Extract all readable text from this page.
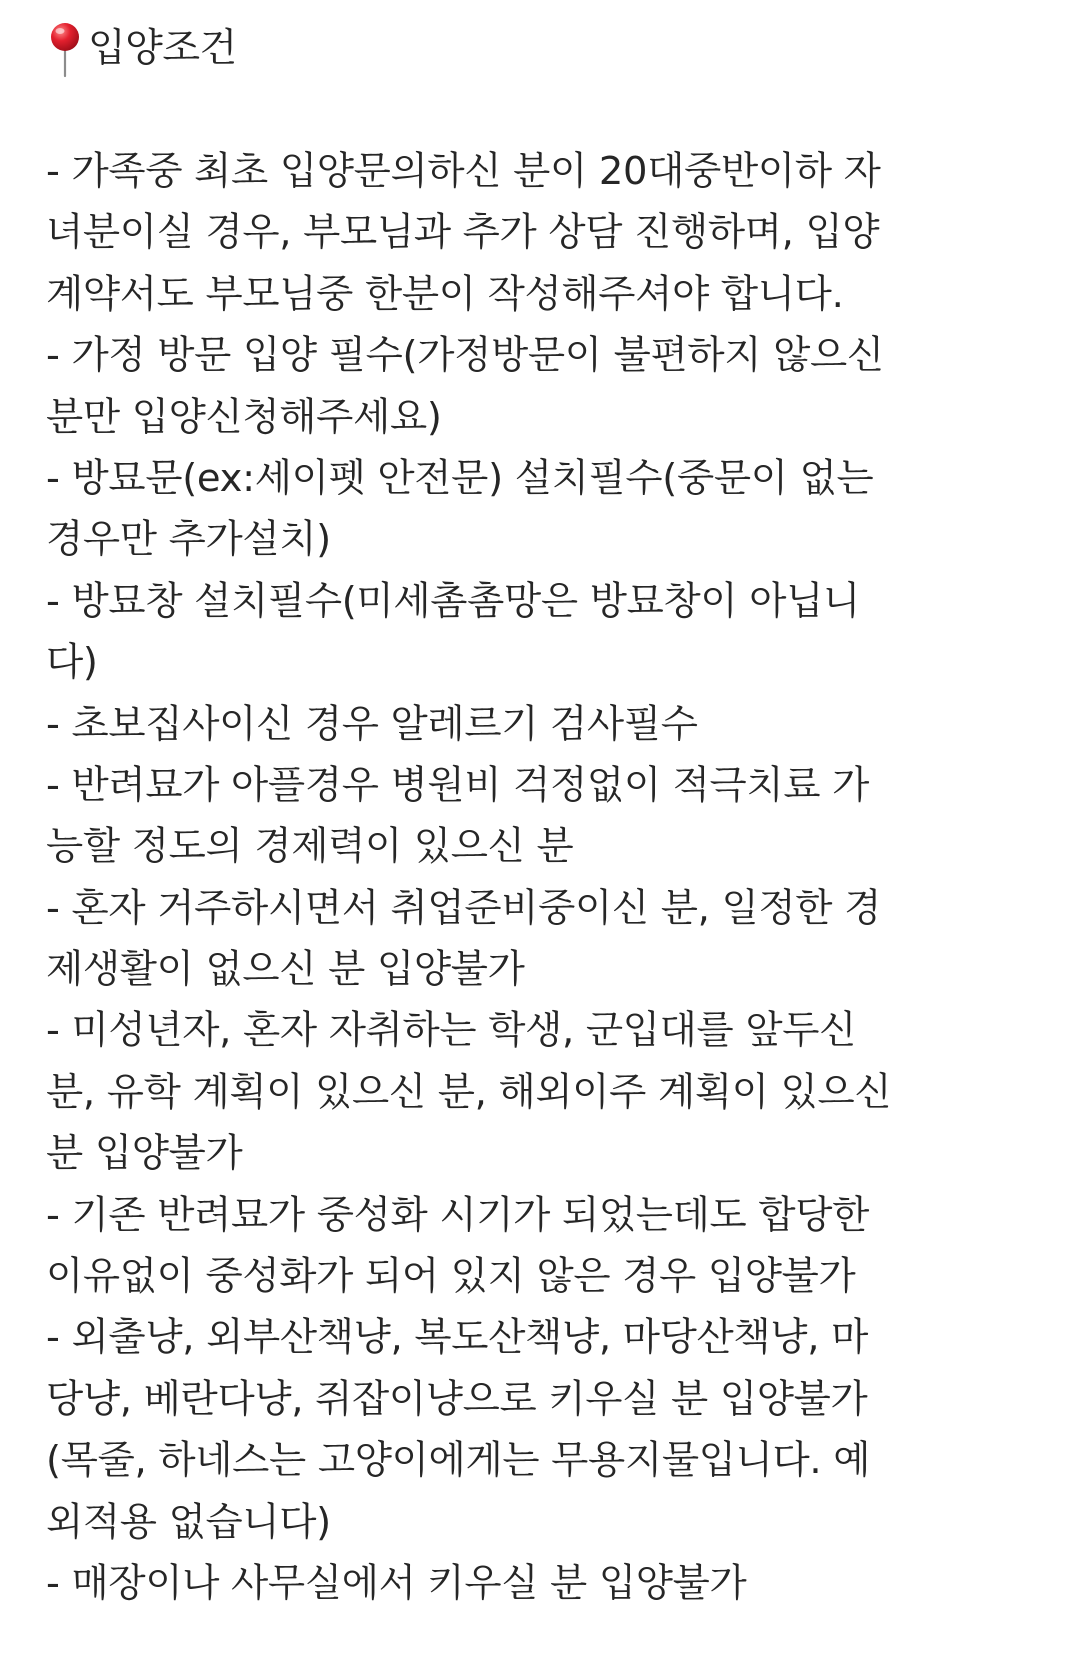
입양조건
- 가족중 최초 입양문의하신 분이 20대중반이하 자
녀분이실 경우, 부모님과 추가 상담 진행하며, 입양
계약서도 부모님중 한분이 작성해주셔야 합니다.
- 가정 방문 입양 필수(가정방문이 불편하지 않으신
분만 입양신청해주세요)
- 방묘문(ex:세이펫 안전문) 설치필수(중문이 없는
경우만 추가설치)
- 방묘창 설치필수(미세촘촘망은 방묘창이 아닙니
다)
- 초보집사이신 경우 알레르기 검사필수
- 반려묘가 아플경우 병원비 걱정없이 적극치료 가
능할 정도의 경제력이 있으신 분
- 혼자 거주하시면서 취업준비중이신 분, 일정한 경
제생활이 없으신 분 입양불가
- 미성년자, 혼자 자취하는 학생, 군입대를 앞두신
분, 유학 계획이 있으신 분, 해외이주 계획이 있으신
분 입양불가
- 기존 반려묘가 중성화 시기가 되었는데도 합당한
이유없이 중성화가 되어 있지 않은 경우 입양불가
- 외출냥, 외부산책냥, 복도산책냥, 마당산책냥, 마
당냥, 베란다냥, 쥐잡이냥으로 키우실 분 입양불가
(목줄, 하네스는 고양이에게는 무용지물입니다. 예
외적용 없습니다)
- 매장이나 사무실에서 키우실 분 입양불가
